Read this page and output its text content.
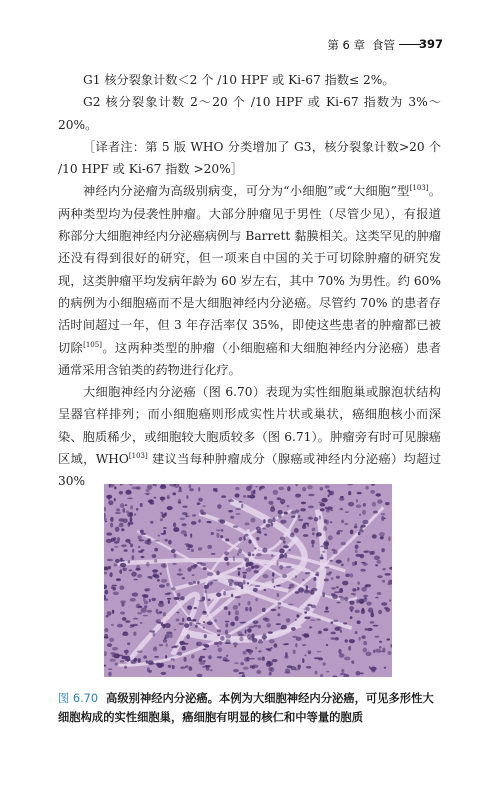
第 6 章 食管 397

G1 核分裂象计数＜2 个 /10 HPF 或 Ki-67 指数≤ 2%。

G2 核分裂象计数 2～20 个 /10 HPF 或 Ki-67 指数为 3%～20%。

［译者注：第 5 版 WHO 分类增加了 G3，核分裂象计数>20 个 /10 HPF 或 Ki-67 指数 >20%］

神经内分泌瘤为高级别病变，可分为“小细胞”或“大细胞”型[103]。两种类型均为侵袭性肿瘤。大部分肿瘤见于男性（尽管少见），有报道称部分大细胞神经内分泌癌病例与 Barrett 黏膜相关。这类罕见的肿瘤还没有得到很好的研究，但一项来自中国的关于可切除肿瘤的研究发现，这类肿瘤平均发病年龄为 60 岁左右，其中 70% 为男性。约 60% 的病例为小细胞癌而不是大细胞神经内分泌癌。尽管约 70% 的患者存活时间超过一年，但 3 年存活率仅 35%，即使这些患者的肿瘤都已被切除[105]。这两种类型的肿瘤（小细胞癌和大细胞神经内分泌癌）患者通常采用含铂类的药物进行化疗。

大细胞神经内分泌癌（图 6.70）表现为实性细胞巢或腺泡状结构呈器官样排列；而小细胞癌则形成实性片状或巢状，癌细胞核小而深染、胞质稀少，或细胞较大胞质较多（图 6.71）。肿瘤旁有时可见腺癌区域，WHO[103] 建议当每种肿瘤成分（腺癌或神经内分泌癌）均超过 30%

图 6.70 高级别神经内分泌癌。本例为大细胞神经内分泌癌，可见多形性大细胞构成的实性细胞巢，癌细胞有明显的核仁和中等量的胞质
